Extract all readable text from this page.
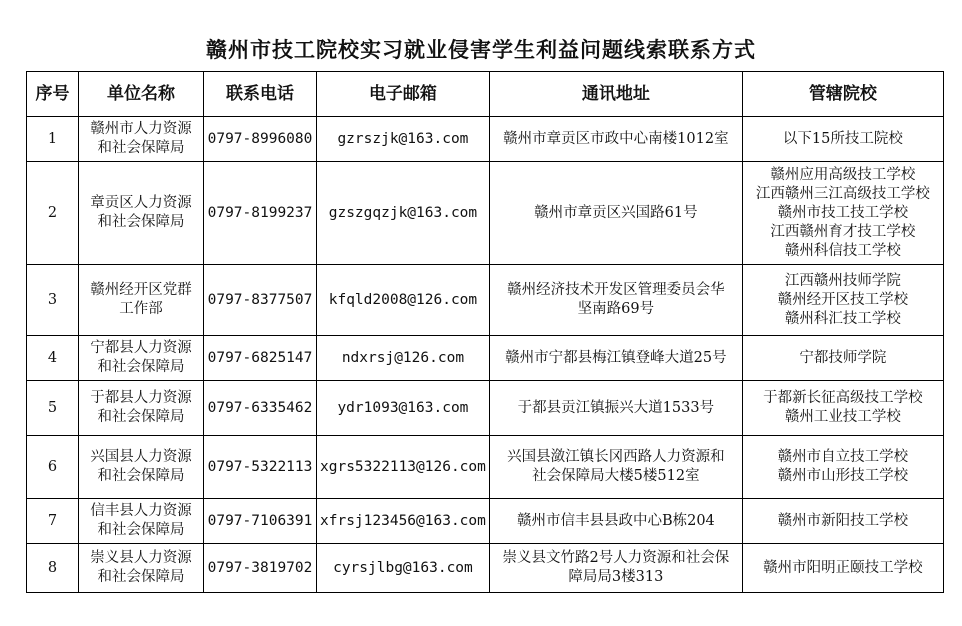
赣州市技工院校实习就业侵害学生利益问题线索联系方式
序号	单位名称	联系电话	电子邮箱	通讯地址	管辖院校
1	赣州市人力资源
和社会保障局	0797-8996080	gzrszjk@163.com	赣州市章贡区市政中心南楼1012室	以下15所技工院校

2	章贡区人力资源
和社会保障局	0797-8199237	gzszgqzjk@163.com	赣州市章贡区兴国路61号	赣州应用高级技工学校
江西赣州三江高级技工学校
赣州市技工技工学校
江西赣州育才技工学校
赣州科信技工学校

3	赣州经开区党群
工作部	0797-8377507	kfqld2008@126.com	赣州经济技术开发区管理委员会华
坚南路69号	江西赣州技师学院
赣州经开区技工学校
赣州科汇技工学校

4	宁都县人力资源
和社会保障局	0797-6825147	ndxrsj@126.com	赣州市宁都县梅江镇登峰大道25号	宁都技师学院

5	于都县人力资源
和社会保障局	0797-6335462	ydr1093@163.com	于都县贡江镇振兴大道1533号	于都新长征高级技工学校
赣州工业技工学校

6	兴国县人力资源
和社会保障局	0797-5322113	xgrs5322113@126.com	兴国县潋江镇长冈西路人力资源和
社会保障局大楼5楼512室	赣州市自立技工学校
赣州市山形技工学校

7	信丰县人力资源
和社会保障局	0797-7106391	xfrsj123456@163.com	赣州市信丰县县政中心B栋204	赣州市新阳技工学校

8	崇义县人力资源
和社会保障局	0797-3819702	cyrsjlbg@163.com	崇义县文竹路2号人力资源和社会保
障局局3楼313	赣州市阳明正颐技工学校
